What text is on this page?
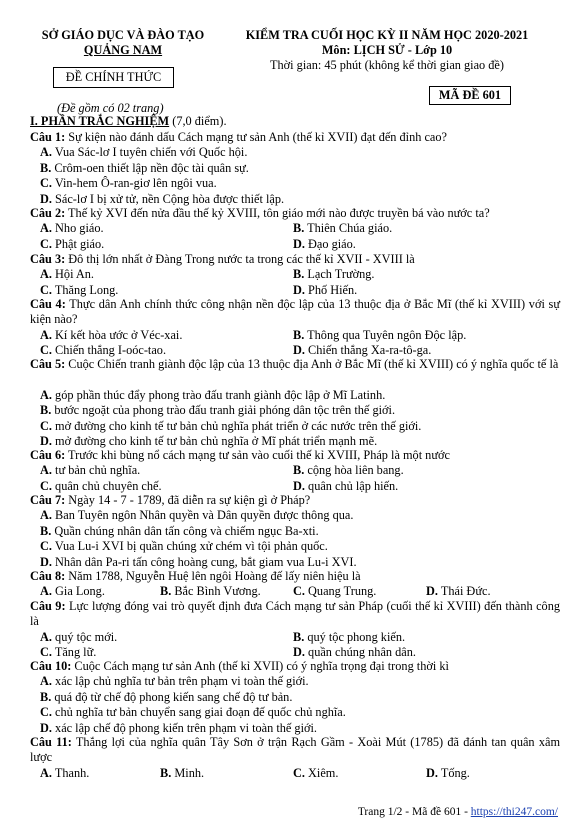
SỞ GIÁO DỤC VÀ ĐÀO TẠO
QUẢNG NAM
ĐỀ CHÍNH THỨC
(Đề gồm có 02 trang)
KIỂM TRA CUỐI HỌC KỲ II NĂM HỌC 2020-2021
Môn: LỊCH SỬ - Lớp 10
Thời gian: 45 phút (không kể thời gian giao đề)
MÃ ĐỀ 601
I. PHẦN TRẮC NGHIỆM (7,0 điểm).
Câu 1: Sự kiện nào đánh dấu Cách mạng tư sản Anh (thế kỉ XVII) đạt đến đỉnh cao?
A. Vua Sác-lơ I tuyên chiến với Quốc hội.
B. Crôm-oen thiết lập nền độc tài quân sự.
C. Vin-hem Ô-ran-giơ lên ngôi vua.
D. Sác-lơ I bị xử tử, nền Cộng hòa được thiết lập.
Câu 2: Thế kỷ XVI đến nửa đầu thế kỷ XVIII, tôn giáo mới nào được truyền bá vào nước ta?
A. Nho giáo.	B. Thiên Chúa giáo.
C. Phật giáo.	D. Đạo giáo.
Câu 3: Đô thị lớn nhất ở Đàng Trong nước ta trong các thế kỉ XVII - XVIII là
A. Hội An.	B. Lạch Trường.
C. Thăng Long.	D. Phố Hiến.
Câu 4: Thực dân Anh chính thức công nhận nền độc lập của 13 thuộc địa ở Bắc Mĩ (thế kỉ XVIII) với sự kiện nào?
A. Kí kết hòa ước ở Véc-xai.	B. Thông qua Tuyên ngôn Độc lập.
C. Chiến thắng I-oóc-tao.	D. Chiến thắng Xa-ra-tô-ga.
Câu 5: Cuộc Chiến tranh giành độc lập của 13 thuộc địa Anh ở Bắc Mĩ (thế kỉ XVIII) có ý nghĩa quốc tế là
A. góp phần thúc đẩy phong trào đấu tranh giành độc lập ở Mĩ Latinh.
B. bước ngoặt của phong trào đấu tranh giải phóng dân tộc trên thế giới.
C. mở đường cho kinh tế tư bản chủ nghĩa phát triển ở các nước trên thế giới.
D. mở đường cho kinh tế tư bản chủ nghĩa ở Mĩ phát triển mạnh mẽ.
Câu 6: Trước khi bùng nổ cách mạng tư sản vào cuối thế kỉ XVIII, Pháp là một nước
A. tư bản chủ nghĩa.	B. cộng hòa liên bang.
C. quân chủ chuyên chế.	D. quân chủ lập hiến.
Câu 7: Ngày 14 - 7 - 1789, đã diễn ra sự kiện gì ở Pháp?
A. Ban Tuyên ngôn Nhân quyền và Dân quyền được thông qua.
B. Quần chúng nhân dân tấn công và chiếm ngục Ba-xti.
C. Vua Lu-i XVI bị quần chúng xử chém vì tội phản quốc.
D. Nhân dân Pa-ri tấn công hoàng cung, bắt giam vua Lu-i XVI.
Câu 8: Năm 1788, Nguyễn Huệ lên ngôi Hoàng đế lấy niên hiệu là
A. Gia Long.	B. Bắc Bình Vương.	C. Quang Trung.	D. Thái Đức.
Câu 9: Lực lượng đóng vai trò quyết định đưa Cách mạng tư sản Pháp (cuối thế kỉ XVIII) đến thành công là
A. quý tộc mới.	B. quý tộc phong kiến.
C. Tăng lữ.	D. quần chúng nhân dân.
Câu 10: Cuộc Cách mạng tư sản Anh (thế kỉ XVII) có ý nghĩa trọng đại trong thời kì
A. xác lập chủ nghĩa tư bản trên phạm vi toàn thế giới.
B. quá độ từ chế độ phong kiến sang chế độ tư bản.
C. chủ nghĩa tư bản chuyển sang giai đoạn đế quốc chủ nghĩa.
D. xác lập chế độ phong kiến trên phạm vi toàn thế giới.
Câu 11: Thắng lợi của nghĩa quân Tây Sơn ở trận Rạch Gầm - Xoài Mút (1785) đã đánh tan quân xâm lược
A. Thanh.	B. Minh.	C. Xiêm.	D. Tống.
Trang 1/2 - Mã đề 601 - https://thi247.com/
